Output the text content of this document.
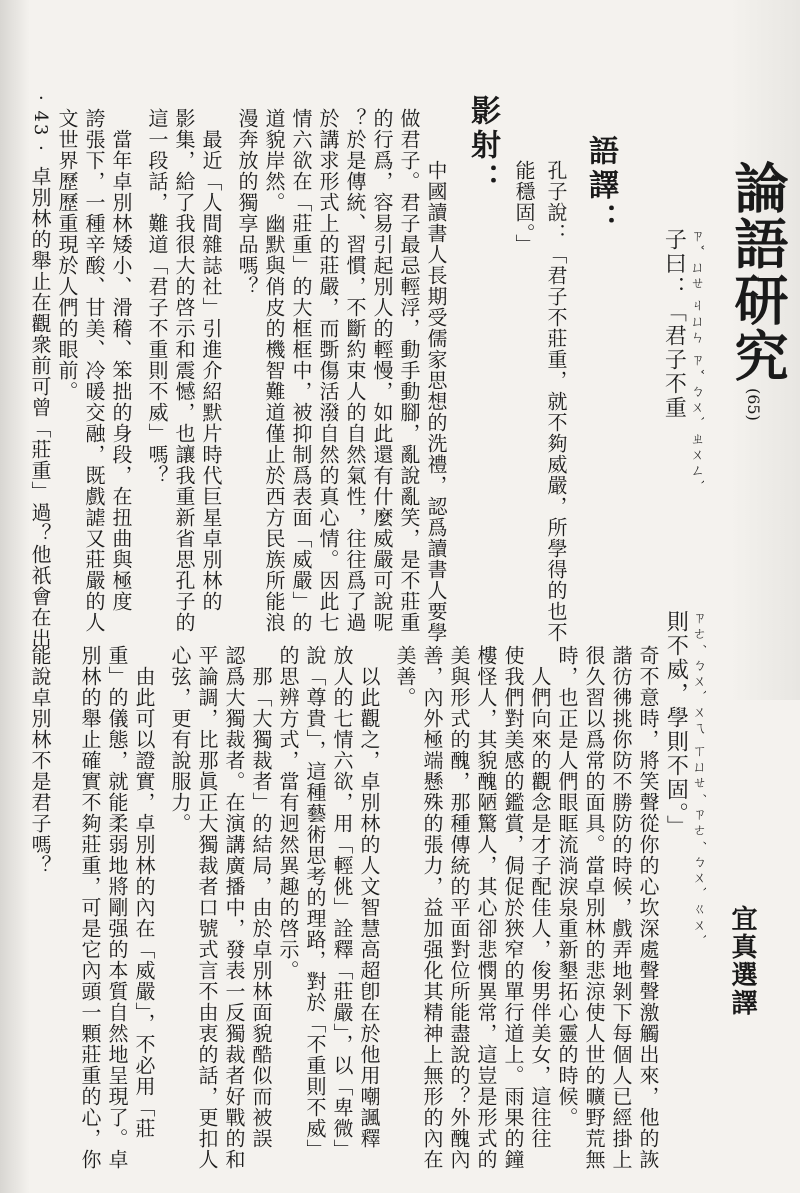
· 43 ·
論語研究
(65)
宜真選譯
ㄗˇ ㄩㄝ ㄐㄩㄣ ㄗˇ ㄅㄨˋ ㄓㄨㄥˋ
子曰：「君子不重
ㄗㄜˊ ㄅㄨˋ ㄨㄟ ㄒㄩㄝˊ ㄗㄜˊ ㄅㄨˋ ㄍㄨˋ
則不威，學則不固。」
語譯：
孔子說：「君子不莊重，就不夠威嚴，所學得的也不
能穩固。」
影射：
中國讀書人長期受儒家思想的洗禮，認爲讀書人要學
做君子。君子最忌輕浮，動手動腳，亂說亂笑，是不莊重
的行爲，容易引起別人的輕慢，如此還有什麼威嚴可說呢
？於是傳統、習慣，不斷約束人的自然氣性，往往爲了過
於講求形式上的莊嚴，而斲傷活潑自然的真心情。因此七
情六欲在「莊重」的大框框中，被抑制爲表面「威嚴」的
道貌岸然。幽默與俏皮的機智難道僅止於西方民族所能浪
漫奔放的獨享品嗎？
　最近「人間雜誌社」引進介紹默片時代巨星卓別林的
影集，給了我很大的啓示和震憾，也讓我重新省思孔子的
這一段話，難道「君子不重則不威」嗎？
　當年卓別林矮小、滑稽、笨拙的身段，在扭曲與極度
誇張下，一種辛酸、甘美、冷暖交融，既戲謔又莊嚴的人
文世界歷歷重現於人們的眼前。
　卓別林的舉止在觀衆前可曾「莊重」過？他祇會在出
奇不意時，將笑聲從你的心坎深處聲聲激觸出來，他的詼
諧彷彿挑你防不勝防的時候，戲弄地剝下每個人已經掛上
很久習以爲常的面具。當卓別林的悲涼使人世的曠野荒無
時，也正是人們眼眶流淌淚泉重新墾拓心靈的時候。
　人們向來的觀念是才子配佳人，俊男伴美女，這往往
使我們對美感的鑑賞，侷促於狹窄的單行道上。雨果的鐘
樓怪人，其貌醜陋驚人，其心卻悲憫異常，這豈是形式的
美與形式的醜，那種傳統的平面對位所能盡說的？外醜內
善，內外極端懸殊的張力，益加强化其精神上無形的內在
美善。
　以此觀之，卓別林的人文智慧高超卽在於他用嘲諷釋
放人的七情六欲，用「輕佻」詮釋「莊嚴」，以「卑微」
說「尊貴」，這種藝術思考的理路，對於「不重則不威」
的思辨方式，當有迥然異趣的啓示。
　那「大獨裁者」的結局，由於卓別林面貌酷似而被誤
認爲大獨裁者。在演講廣播中，發表一反獨裁者好戰的和
平論調，比那眞正大獨裁者口號式言不由衷的話，更扣人
心弦，更有說服力。
　由此可以證實，卓別林的內在「威嚴」，不必用「莊
重」的儀態，就能柔弱地將剛强的本質自然地呈現了。卓
別林的舉止確實不夠莊重，可是它內頭一顆莊重的心，你
能說卓別林不是君子嗎？
